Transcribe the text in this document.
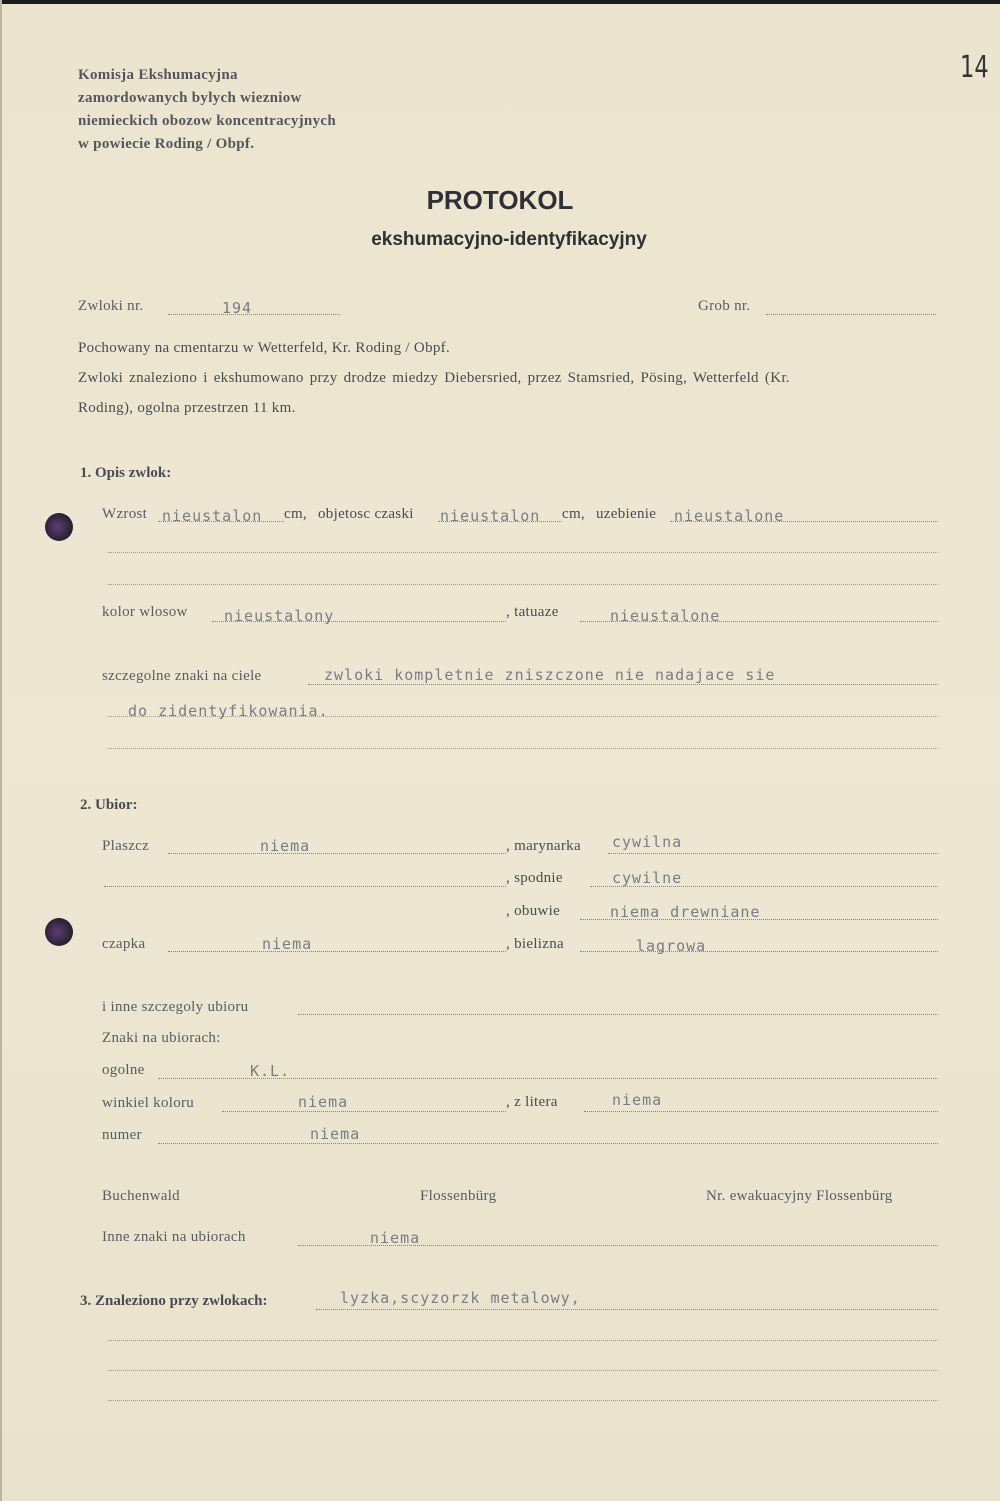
Komisja Ekshumacyjna
zamordowanych bylych wiezniow
niemieckich obozow koncentracyjnych
w powiecie Roding / Obpf.
14
PROTOKOL
ekshumacyjno-identyfikacyjny
Zwloki nr.	194	Grob nr.
Pochowany na cmentarzu w Wetterfeld, Kr. Roding / Obpf.
Zwloki znaleziono i ekshumowano przy drodze miedzy Diebersried, przez Stamsried, Pösing, Wetterfeld (Kr.
Roding), ogolna przestrzen 11 km.
1. Opis zwlok:
Wzrost nieustalon cm, objetosc czaski nieustalon cm, uzebienie nieustalone
kolor wlosow nieustalony	, tatuaze	nieustalone
szczegolne znaki na ciele	zwloki kompletnie zniszczone nie nadajace sie
do zidentyfikowania.
2. Ubior:
Plaszcz	niema	, marynarka cywilna
, spodnie	cywilne
, obuwie	niema drewniane
czapka	niema	, bielizna	lagrowa
i inne szczegoly ubioru
Znaki na ubiorach:
ogolne	K.L.
winkiel koloru	niema	, z litera	niema
numer	niema
Buchenwald	Flossenbürg	Nr. ewakuacyjny Flossenbürg
Inne znaki na ubiorach	niema
3. Znaleziono przy zwlokach:	lyzka,scyzorzk metalowy,
